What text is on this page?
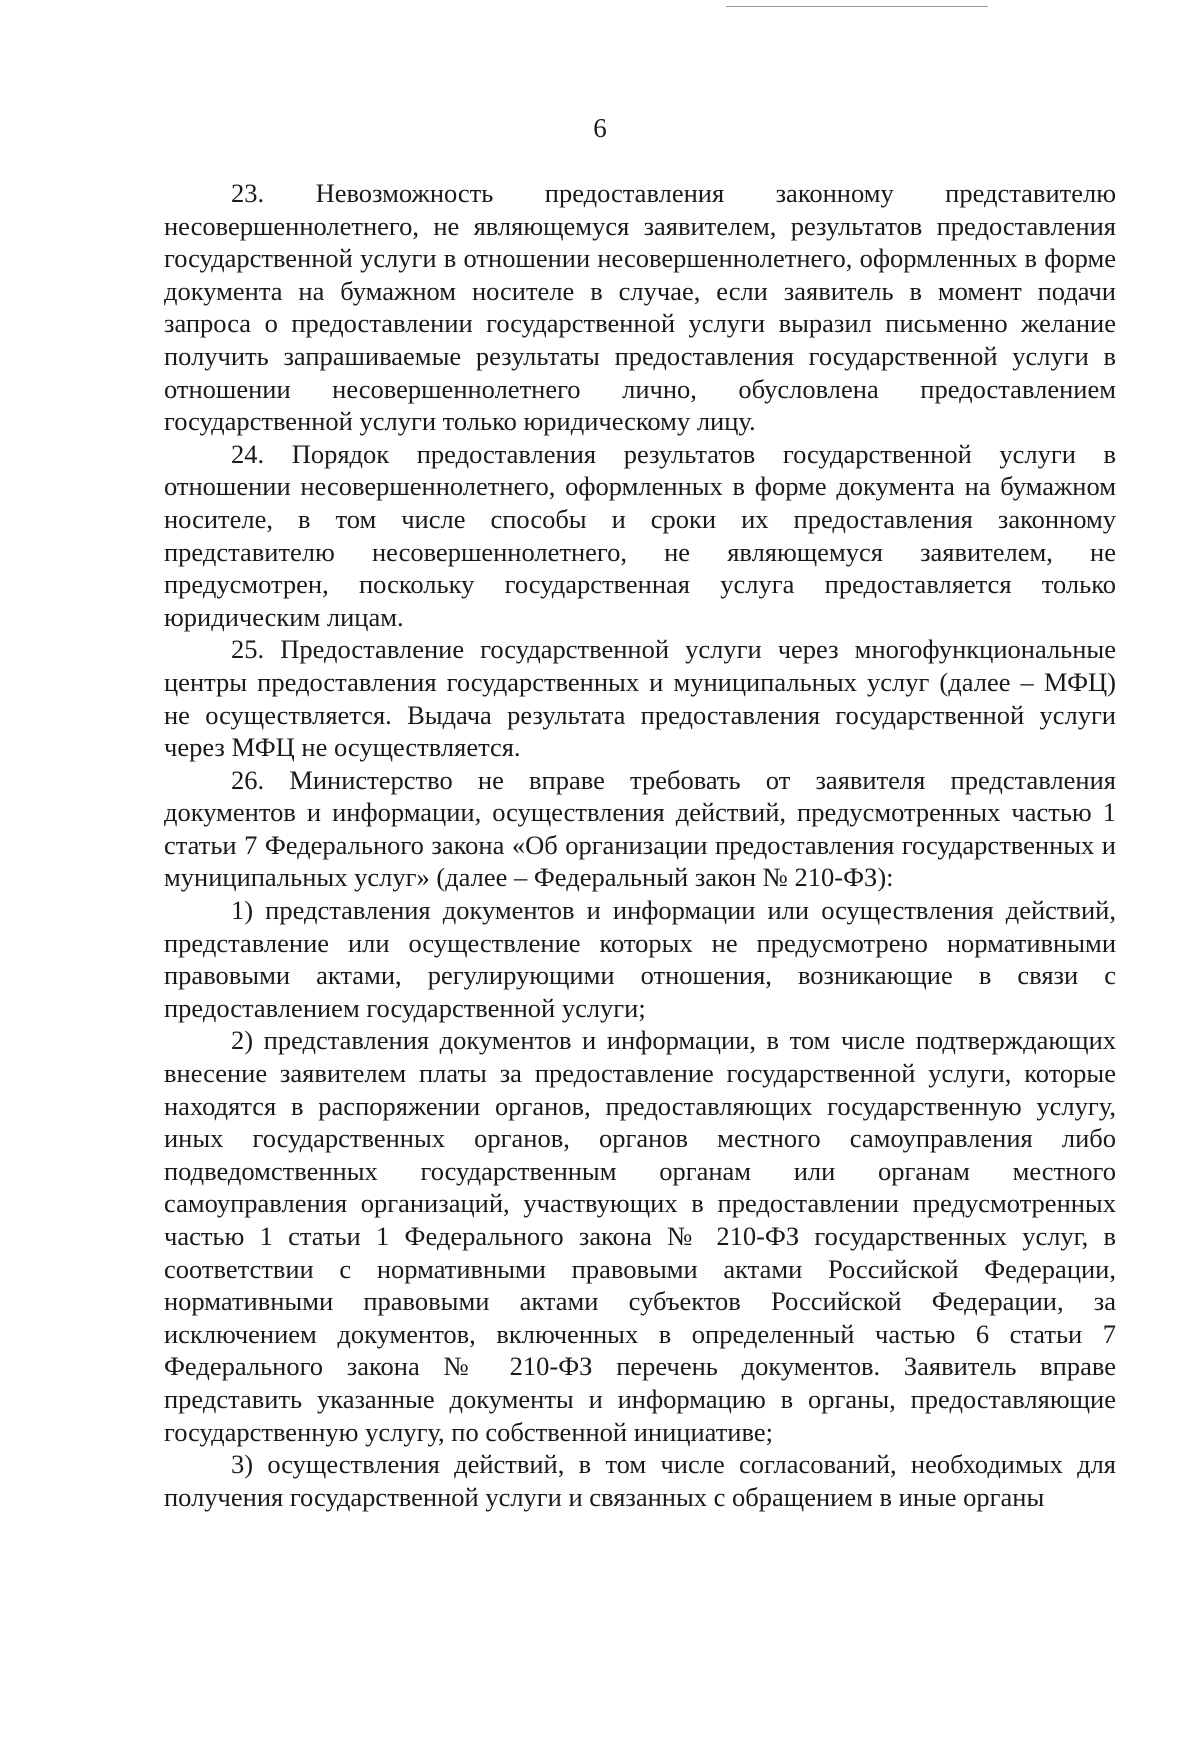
6

23. Невозможность предоставления законному представителю несовершеннолетнего, не являющемуся заявителем, результатов предоставления государственной услуги в отношении несовершеннолетнего, оформленных в форме документа на бумажном носителе в случае, если заявитель в момент подачи запроса о предоставлении государственной услуги выразил письменно желание получить запрашиваемые результаты предоставления государственной услуги в отношении несовершеннолетнего лично, обусловлена предоставлением государственной услуги только юридическому лицу.

24. Порядок предоставления результатов государственной услуги в отношении несовершеннолетнего, оформленных в форме документа на бумажном носителе, в том числе способы и сроки их предоставления законному представителю несовершеннолетнего, не являющемуся заявителем, не предусмотрен, поскольку государственная услуга предоставляется только юридическим лицам.

25. Предоставление государственной услуги через многофункциональные центры предоставления государственных и муниципальных услуг (далее – МФЦ) не осуществляется. Выдача результата предоставления государственной услуги через МФЦ не осуществляется.

26. Министерство не вправе требовать от заявителя представления документов и информации, осуществления действий, предусмотренных частью 1 статьи 7 Федерального закона «Об организации предоставления государственных и муниципальных услуг» (далее – Федеральный закон № 210-ФЗ):

1) представления документов и информации или осуществления действий, представление или осуществление которых не предусмотрено нормативными правовыми актами, регулирующими отношения, возникающие в связи с предоставлением государственной услуги;

2) представления документов и информации, в том числе подтверждающих внесение заявителем платы за предоставление государственной услуги, которые находятся в распоряжении органов, предоставляющих государственную услугу, иных государственных органов, органов местного самоуправления либо подведомственных государственным органам или органам местного самоуправления организаций, участвующих в предоставлении предусмотренных частью 1 статьи 1 Федерального закона № 210-ФЗ государственных услуг, в соответствии с нормативными правовыми актами Российской Федерации, нормативными правовыми актами субъектов Российской Федерации, за исключением документов, включенных в определенный частью 6 статьи 7 Федерального закона № 210-ФЗ перечень документов. Заявитель вправе представить указанные документы и информацию в органы, предоставляющие государственную услугу, по собственной инициативе;

3) осуществления действий, в том числе согласований, необходимых для получения государственной услуги и связанных с обращением в иные органы
